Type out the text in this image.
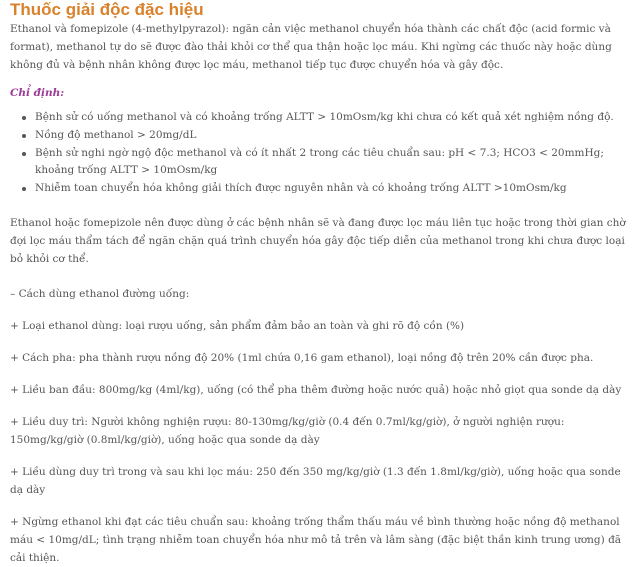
Thuốc giải độc đặc hiệu

Ethanol và fomepizole (4-methylpyrazol): ngăn cản việc methanol chuyển hóa thành các chất độc (acid formic và format), methanol tự do sẽ được đào thải khỏi cơ thể qua thận hoặc lọc máu. Khi ngừng các thuốc này hoặc dùng không đủ và bệnh nhân không được lọc máu, methanol tiếp tục được chuyển hóa và gây độc.

Chỉ định:

Bệnh sử có uống methanol và có khoảng trống ALTT > 10mOsm/kg khi chưa có kết quả xét nghiệm nồng độ.
Nồng độ methanol > 20mg/dL
Bệnh sử nghi ngờ ngộ độc methanol và có ít nhất 2 trong các tiêu chuẩn sau: pH < 7.3; HCO3 < 20mmHg; khoảng trống ALTT > 10mOsm/kg
Nhiễm toan chuyển hóa không giải thích được nguyên nhân và có khoảng trống ALTT >10mOsm/kg

Ethanol hoặc fomepizole nên được dùng ở các bệnh nhân sẽ và đang được lọc máu liên tục hoặc trong thời gian chờ đợi lọc máu thẩm tách để ngăn chặn quá trình chuyển hóa gây độc tiếp diễn của methanol trong khi chưa được loại bỏ khỏi cơ thể.

– Cách dùng ethanol đường uống:

+ Loại ethanol dùng: loại rượu uống, sản phẩm đảm bảo an toàn và ghi rõ độ cồn (%)

+ Cách pha: pha thành rượu nồng độ 20% (1ml chứa 0,16 gam ethanol), loại nồng độ trên 20% cần được pha.

+ Liều ban đầu: 800mg/kg (4ml/kg), uống (có thể pha thêm đường hoặc nước quả) hoặc nhỏ giọt qua sonde dạ dày

+ Liều duy trì: Người không nghiện rượu: 80-130mg/kg/giờ (0.4 đến 0.7ml/kg/giờ), ở người nghiện rượu: 150mg/kg/giờ (0.8ml/kg/giờ), uống hoặc qua sonde dạ dày

+ Liều dùng duy trì trong và sau khi lọc máu: 250 đến 350 mg/kg/giờ (1.3 đến 1.8ml/kg/giờ), uống hoặc qua sonde dạ dày

+ Ngừng ethanol khi đạt các tiêu chuẩn sau: khoảng trống thẩm thấu máu về bình thường hoặc nồng độ methanol máu < 10mg/dL; tình trạng nhiễm toan chuyển hóa như mô tả trên và lâm sàng (đặc biệt thần kinh trung ương) đã cải thiện.
